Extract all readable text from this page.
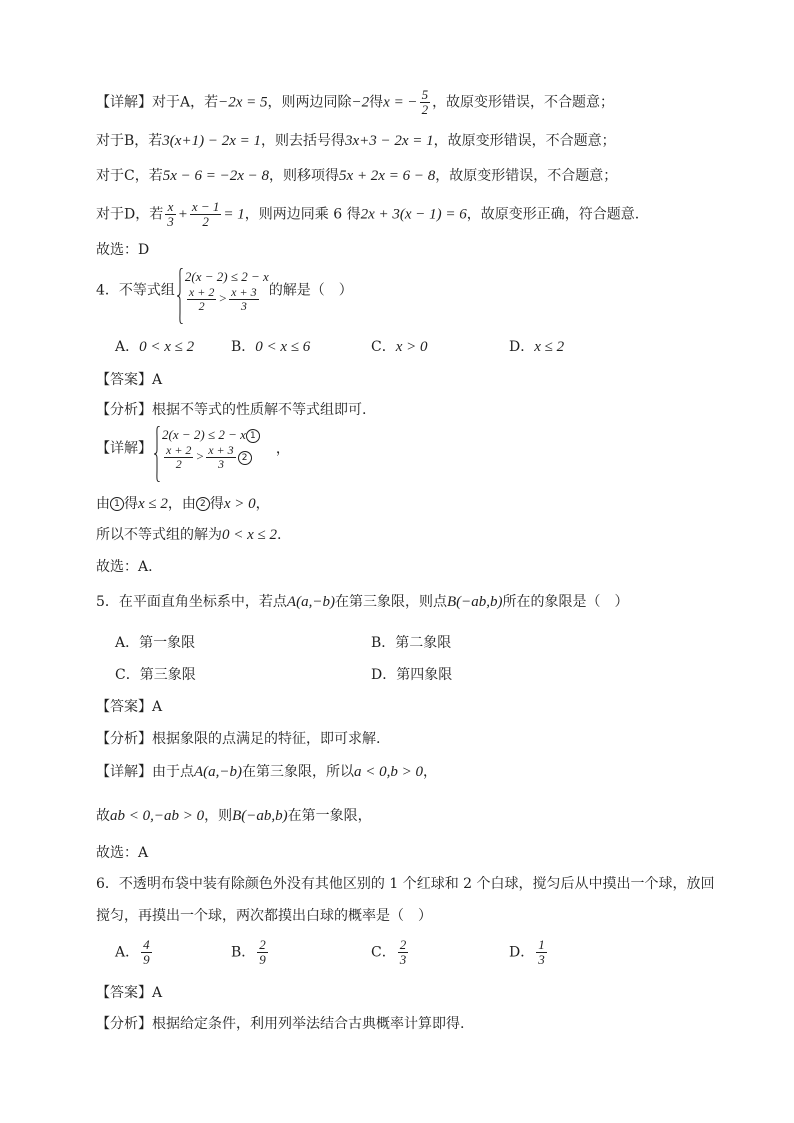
【详解】对于A，若−2x = 5，则两边同除−2得x = − $\frac{5}{2}$ ，故原变形错误，不合题意；
对于B，若3(x+1) − 2x = 1，则去括号得3x+3 − 2x = 1，故原变形错误，不合题意；
对于C，若5x − 6 = −2x − 8，则移项得5x + 2x = 6 − 8，故原变形错误，不合题意；
对于D，若 $\frac{x}{3} + \frac{x - 1}{2} = 1$，则两边同乘 6 得2x + 3(x − 1) = 6，故原变形正确，符合题意.
故选：D
4．不等式组
2(x − 2) ≤ 2 − x
$\frac{x + 2}{2} > \frac{x + 3}{3}$ 的解是（　）
A．0 < x ≤ 2	B．0 < x ≤ 6	C．x > 0	D．x ≤ 2
【答案】A
【分析】根据不等式的性质解不等式组即可.
【详解】
2(x − 2) ≤ 2 − x 1
$\frac{x + 2}{2} > \frac{x + 3}{3} 2$
，
由 1 得x ≤ 2，由 2 得x > 0，
所以不等式组的解为0 < x ≤ 2.
故选：A.
5．在平面直角坐标系中，若点A(a,−b)在第三象限，则点B(−ab,b)所在的象限是（　）
A．第一象限	B．第二象限
C．第三象限	D．第四象限
【答案】A
【分析】根据象限的点满足的特征，即可求解.
【详解】由于点A(a,−b)在第三象限，所以a < 0,b > 0，
故ab < 0,−ab > 0，则B(−ab,b)在第一象限，
故选：A
6．不透明布袋中装有除颜色外没有其他区别的 1 个红球和 2 个白球，搅匀后从中摸出一个球，放回
搅匀，再摸出一个球，两次都摸出白球的概率是（　）
A． $\frac{4}{9}$	B． $\frac{2}{9}$	C． $\frac{2}{3}$	D． $\frac{1}{3}$
【答案】A
【分析】根据给定条件，利用列举法结合古典概率计算即得.
